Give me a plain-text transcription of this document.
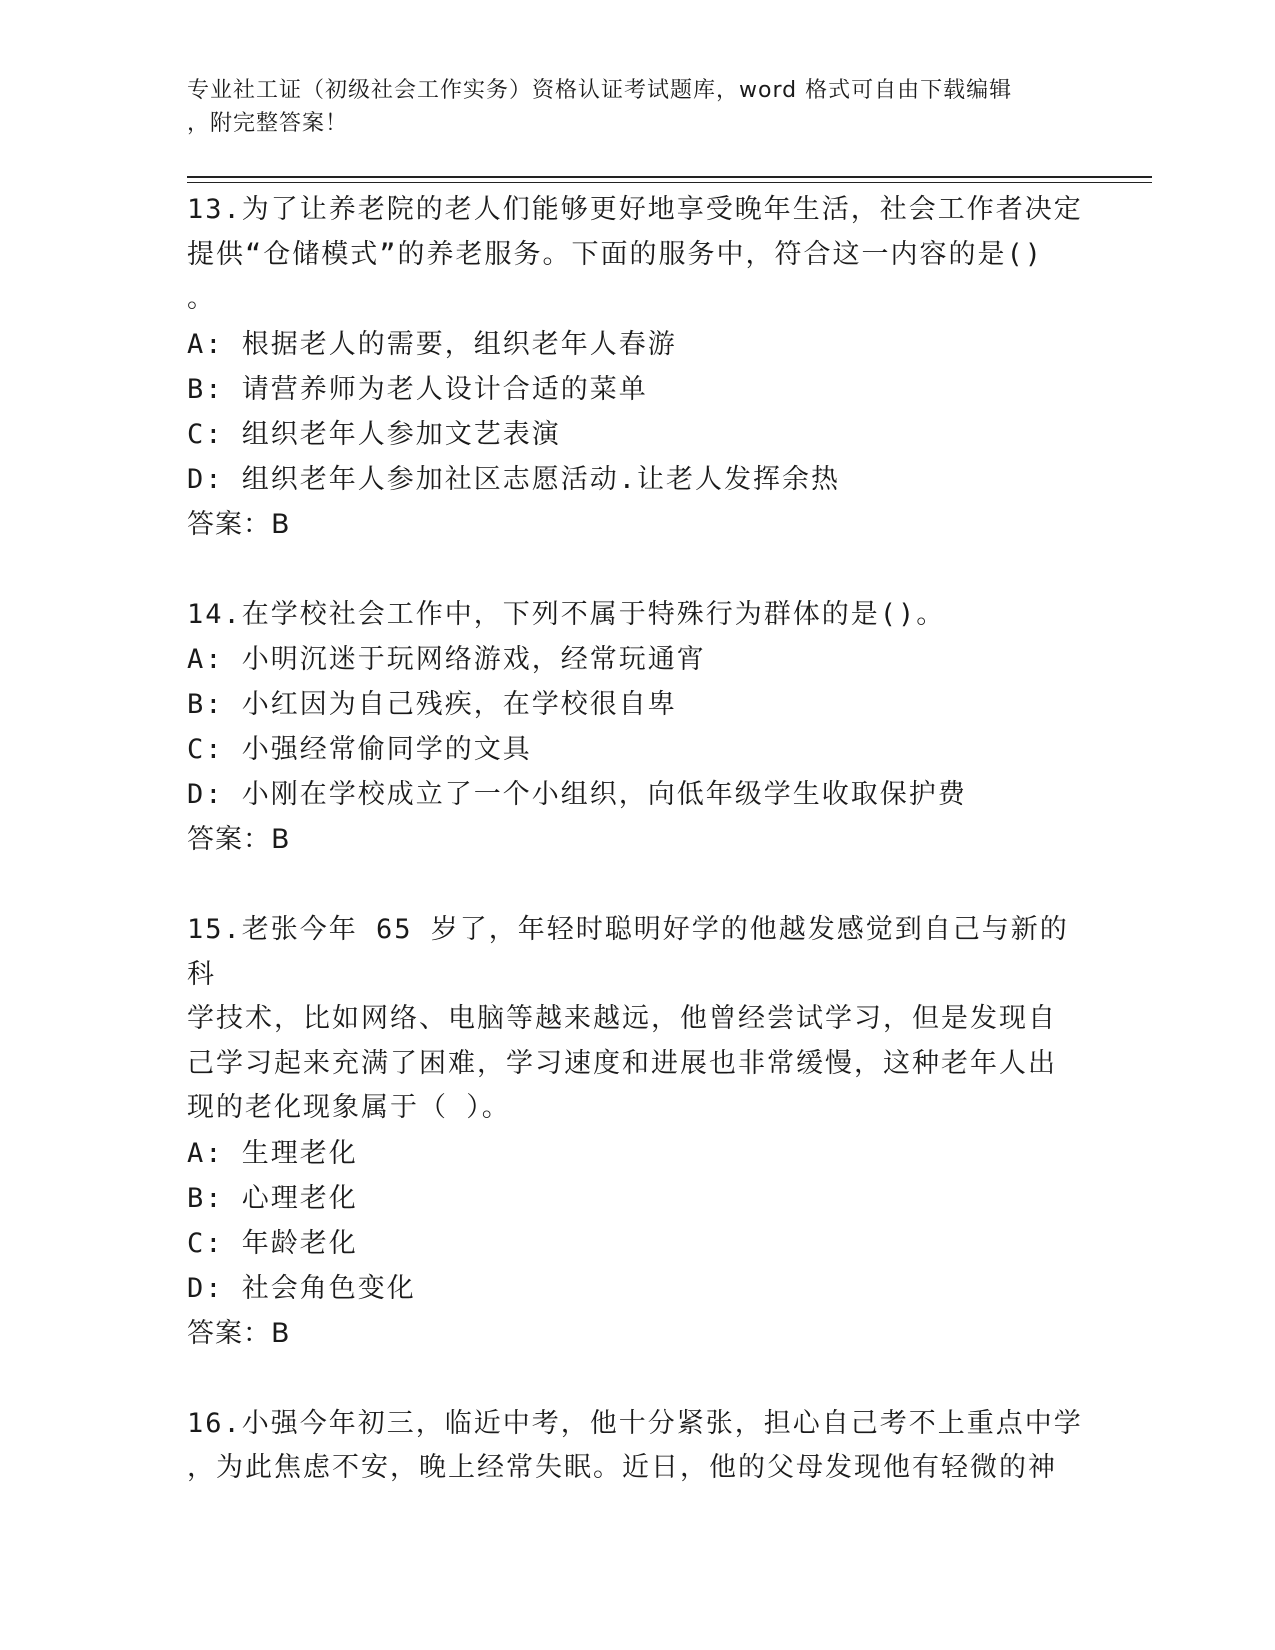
专业社工证（初级社会工作实务）资格认证考试题库，word 格式可自由下载编辑
，附完整答案！

13.为了让养老院的老人们能够更好地享受晚年生活，社会工作者决定

提供“仓储模式”的养老服务。下面的服务中，符合这一内容的是()

。

A: 根据老人的需要，组织老年人春游

B: 请营养师为老人设计合适的菜单

C: 组织老年人参加文艺表演

D: 组织老年人参加社区志愿活动.让老人发挥余热

答案：B

14.在学校社会工作中，下列不属于特殊行为群体的是()。

A: 小明沉迷于玩网络游戏，经常玩通宵

B: 小红因为自己残疾，在学校很自卑

C: 小强经常偷同学的文具

D: 小刚在学校成立了一个小组织，向低年级学生收取保护费

答案：B

15.老张今年 65 岁了，年轻时聪明好学的他越发感觉到自己与新的科

学技术，比如网络、电脑等越来越远，他曾经尝试学习，但是发现自

己学习起来充满了困难，学习速度和进展也非常缓慢，这种老年人出

现的老化现象属于（ ）。

A: 生理老化

B: 心理老化

C: 年龄老化

D: 社会角色变化

答案：B

16.小强今年初三，临近中考，他十分紧张，担心自己考不上重点中学

，为此焦虑不安，晚上经常失眠。近日，他的父母发现他有轻微的神
